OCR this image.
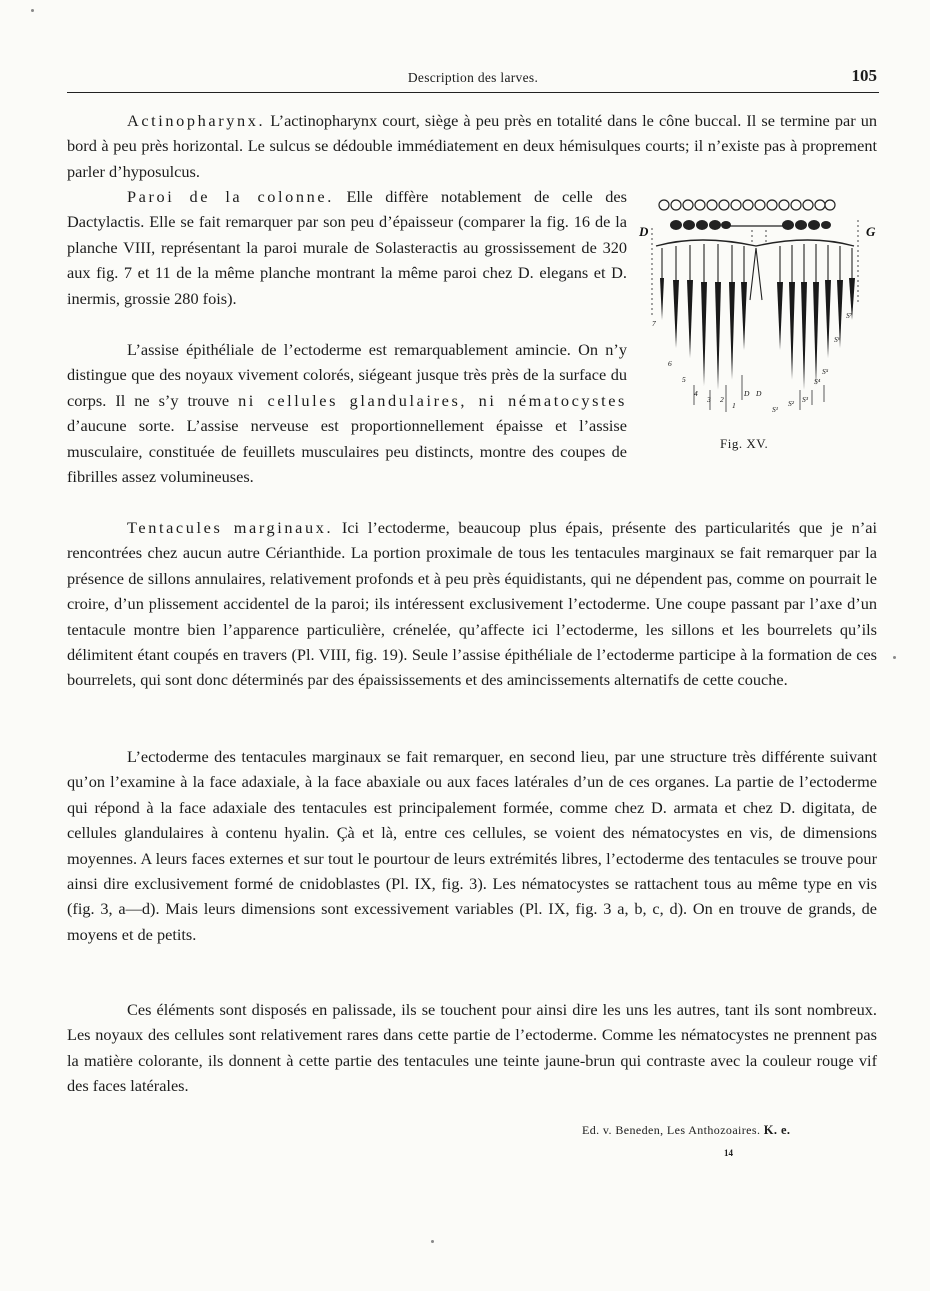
Description des larves.	105

Actinopharynx. L’actinopharynx court, siège à peu près en totalité dans le cône buccal. Il se termine par un bord à peu près horizontal. Le sulcus se dédouble immédiatement en deux hémisulques courts; il n’existe pas à proprement parler d’hyposulcus.

Paroi de la colonne. Elle diffère notablement de celle des Dactylactis. Elle se fait remarquer par son peu d’épaisseur (comparer la fig. 16 de la planche VIII, représentant la paroi murale de Solasteractis au grossissement de 320 aux fig. 7 et 11 de la même planche montrant la même paroi chez D. elegans et D. inermis, grossie 280 fois).

L’assise épithéliale de l’ectoderme est remarquablement amincie. On n’y distingue que des noyaux vivement colorés, siégeant jusque très près de la surface du corps. Il ne s’y trouve ni cellules glandulaires, ni nématocystes d’aucune sorte. L’assise nerveuse est proportionnellement épaisse et l’assise musculaire, constituée de feuillets musculaires peu distincts, montre des coupes de fibrilles assez volumineuses.

Tentacules marginaux. Ici l’ectoderme, beaucoup plus épais, présente des particularités que je n’ai rencontrées chez aucun autre Cérianthide. La portion proximale de tous les tentacules marginaux se fait remarquer par la présence de sillons annulaires, relativement profonds et à peu près équidistants, qui ne dépendent pas, comme on pourrait le croire, d’un plissement accidentel de la paroi; ils intéressent exclusivement l’ectoderme. Une coupe passant par l’axe d’un tentacule montre bien l’apparence particulière, crénelée, qu’affecte ici l’ectoderme, les sillons et les bourrelets qu’ils délimitent étant coupés en travers (Pl. VIII, fig. 19). Seule l’assise épithéliale de l’ectoderme participe à la formation de ces bourrelets, qui sont donc déterminés par des épaississements et des amincissements alternatifs de cette couche.

L’ectoderme des tentacules marginaux se fait remarquer, en second lieu, par une structure très différente suivant qu’on l’examine à la face adaxiale, à la face abaxiale ou aux faces latérales d’un de ces organes. La partie de l’ectoderme qui répond à la face adaxiale des tentacules est principalement formée, comme chez D. armata et chez D. digitata, de cellules glandulaires à contenu hyalin. Çà et là, entre ces cellules, se voient des nématocystes en vis, de dimensions moyennes. A leurs faces externes et sur tout le pourtour de leurs extrémités libres, l’ectoderme des tentacules se trouve pour ainsi dire exclusivement formé de cnidoblastes (Pl. IX, fig. 3). Les nématocystes se rattachent tous au même type en vis (fig. 3, a—d). Mais leurs dimensions sont excessivement variables (Pl. IX, fig. 3 a, b, c, d). On en trouve de grands, de moyens et de petits.

Ces éléments sont disposés en palissade, ils se touchent pour ainsi dire les uns les autres, tant ils sont nombreux. Les noyaux des cellules sont relativement rares dans cette partie de l’ectoderme. Comme les nématocystes ne prennent pas la matière colorante, ils donnent à cette partie des tentacules une teinte jaune-brun qui contraste avec la couleur rouge vif des faces latérales.

D	G
S⁷
S⁶
S⁵
S⁴
S³
S²
S¹
D D
1
2
3
4
5
6
7
Fig. XV.
Ed. v. Beneden, Les Anthozoaires. K. e.
14
